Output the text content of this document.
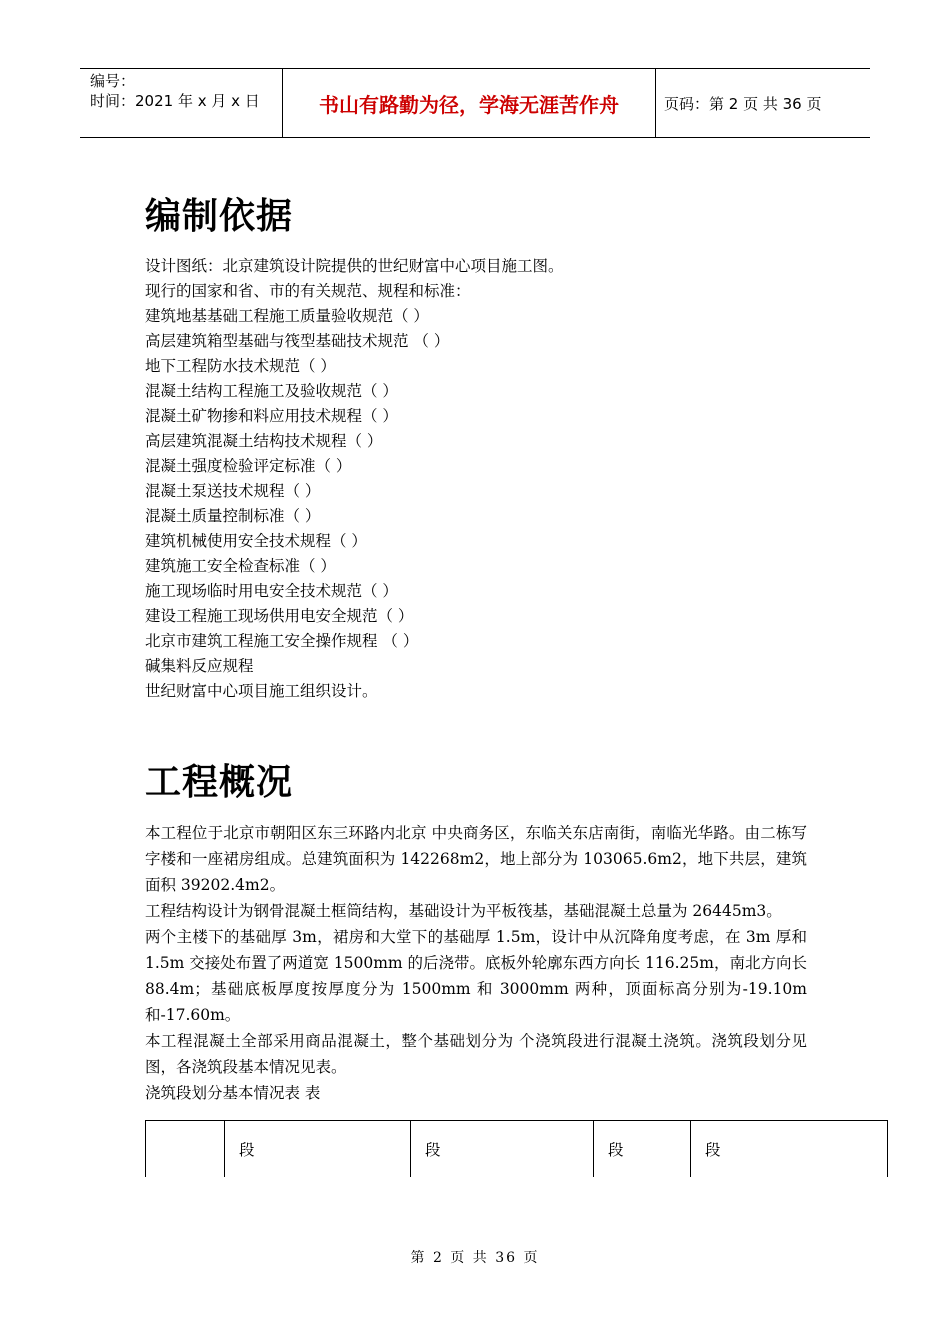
编号：
时间：2021 年 x 月 x 日	书山有路勤为径，学海无涯苦作舟	页码：第 2 页 共 36 页
编制依据
设计图纸：北京建筑设计院提供的世纪财富中心项目施工图。
现行的国家和省、市的有关规范、规程和标准：
建筑地基基础工程施工质量验收规范（ ）
高层建筑箱型基础与筏型基础技术规范 （ ）
地下工程防水技术规范（ ）
混凝土结构工程施工及验收规范（ ）
混凝土矿物掺和料应用技术规程（ ）
高层建筑混凝土结构技术规程（ ）
混凝土强度检验评定标准（ ）
混凝土泵送技术规程（ ）
混凝土质量控制标准（ ）
建筑机械使用安全技术规程（ ）
建筑施工安全检查标准（ ）
施工现场临时用电安全技术规范（ ）
建设工程施工现场供用电安全规范（ ）
北京市建筑工程施工安全操作规程 （ ）
碱集料反应规程
世纪财富中心项目施工组织设计。
工程概况

本工程位于北京市朝阳区东三环路内北京 中央商务区，东临关东店南街，南临光华路。由二栋写字楼和一座裙房组成。总建筑面积为 142268m2，地上部分为 103065.6m2，地下共层，建筑面积 39202.4m2。

工程结构设计为钢骨混凝土框筒结构，基础设计为平板筏基，基础混凝土总量为 26445m3。

两个主楼下的基础厚 3m，裙房和大堂下的基础厚 1.5m，设计中从沉降角度考虑，在 3m 厚和 1.5m 交接处布置了两道宽 1500mm 的后浇带。底板外轮廓东西方向长 116.25m，南北方向长 88.4m；基础底板厚度按厚度分为 1500mm 和 3000mm 两种，顶面标高分别为-19.10m 和-17.60m。

本工程混凝土全部采用商品混凝土，整个基础划分为 个浇筑段进行混凝土浇筑。浇筑段划分见图，各浇筑段基本情况见表。

浇筑段划分基本情况表 表

	段	段	段	段
第 2 页 共 36 页
